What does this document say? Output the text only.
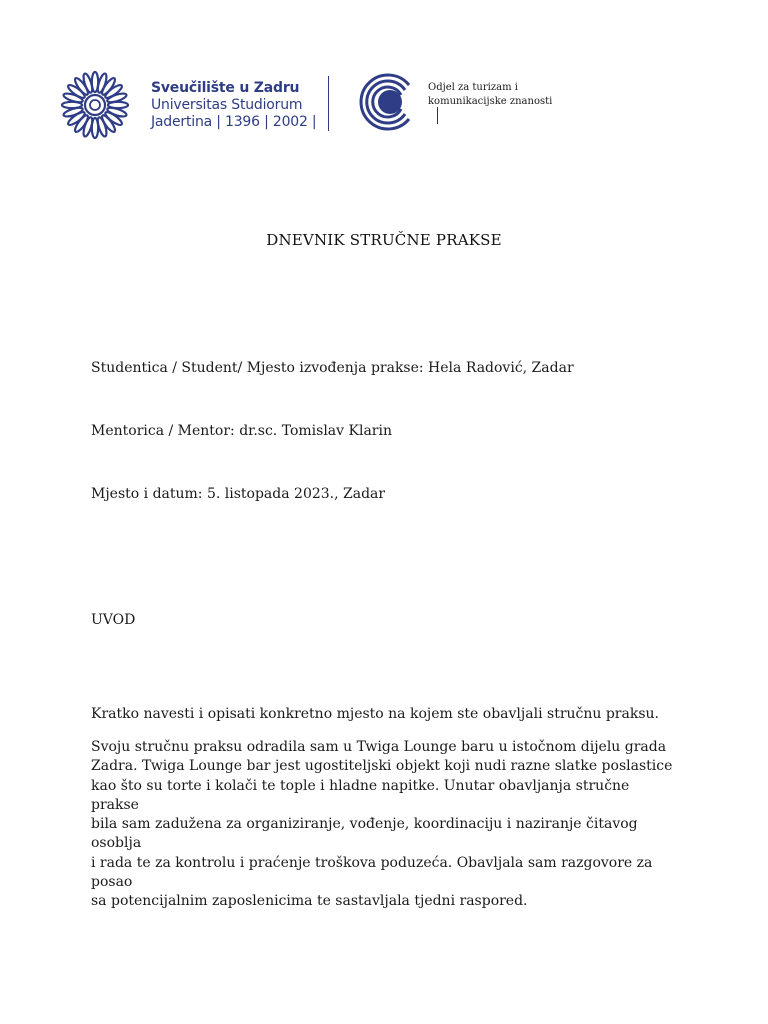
Sveučilište u Zadru
Universitas Studiorum
Jadertina | 1396 | 2002 |
Odjel za turizam i
komunikacijske znanosti
DNEVNIK STRUČNE PRAKSE
Studentica / Student/ Mjesto izvođenja prakse: Hela Radović, Zadar
Mentorica / Mentor: dr.sc. Tomislav Klarin
Mjesto i datum: 5. listopada 2023., Zadar
UVOD
Kratko navesti i opisati konkretno mjesto na kojem ste obavljali stručnu praksu.
Svoju stručnu praksu odradila sam u Twiga Lounge baru u istočnom dijelu grada
Zadra. Twiga Lounge bar jest ugostiteljski objekt koji nudi razne slatke poslastice
kao što su torte i kolači te tople i hladne napitke. Unutar obavljanja stručne prakse
bila sam zadužena za organiziranje, vođenje, koordinaciju i naziranje čitavog osoblja
i rada te za kontrolu i praćenje troškova poduzeća. Obavljala sam razgovore za posao
sa potencijalnim zaposlenicima te sastavljala tjedni raspored.
